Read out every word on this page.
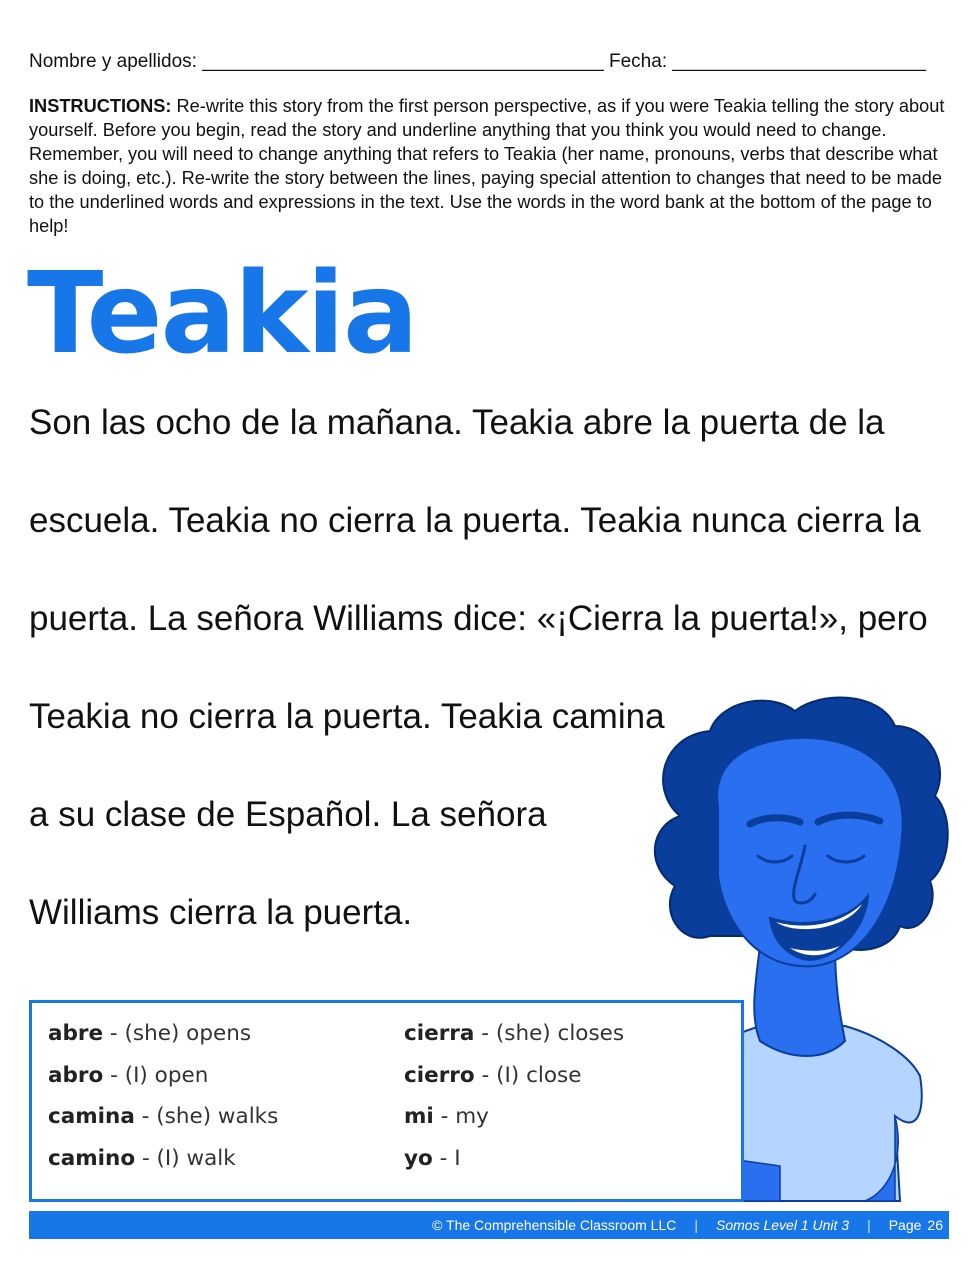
Nombre y apellidos: ______________________________________ Fecha: ________________________
INSTRUCTIONS: Re-write this story from the first person perspective, as if you were Teakia telling the story about yourself. Before you begin, read the story and underline anything that you think you would need to change. Remember, you will need to change anything that refers to Teakia (her name, pronouns, verbs that describe what she is doing, etc.). Re-write the story between the lines, paying special attention to changes that need to be made to the underlined words and expressions in the text. Use the words in the word bank at the bottom of the page to help!
Teakia
Son las ocho de la mañana. Teakia abre la puerta de la
escuela. Teakia no cierra la puerta. Teakia nunca cierra la
puerta. La señora Williams dice: «¡Cierra la puerta!», pero
Teakia no cierra la puerta. Teakia camina
a su clase de Español. La señora
Williams cierra la puerta.
abre - (she) opens
abro - (I) open
camina - (she) walks
camino - (I) walk
cierra - (she) closes
cierro - (I) close
mi - my
yo - I
© The Comprehensible Classroom LLC | Somos Level 1 Unit 3 | Page 26
